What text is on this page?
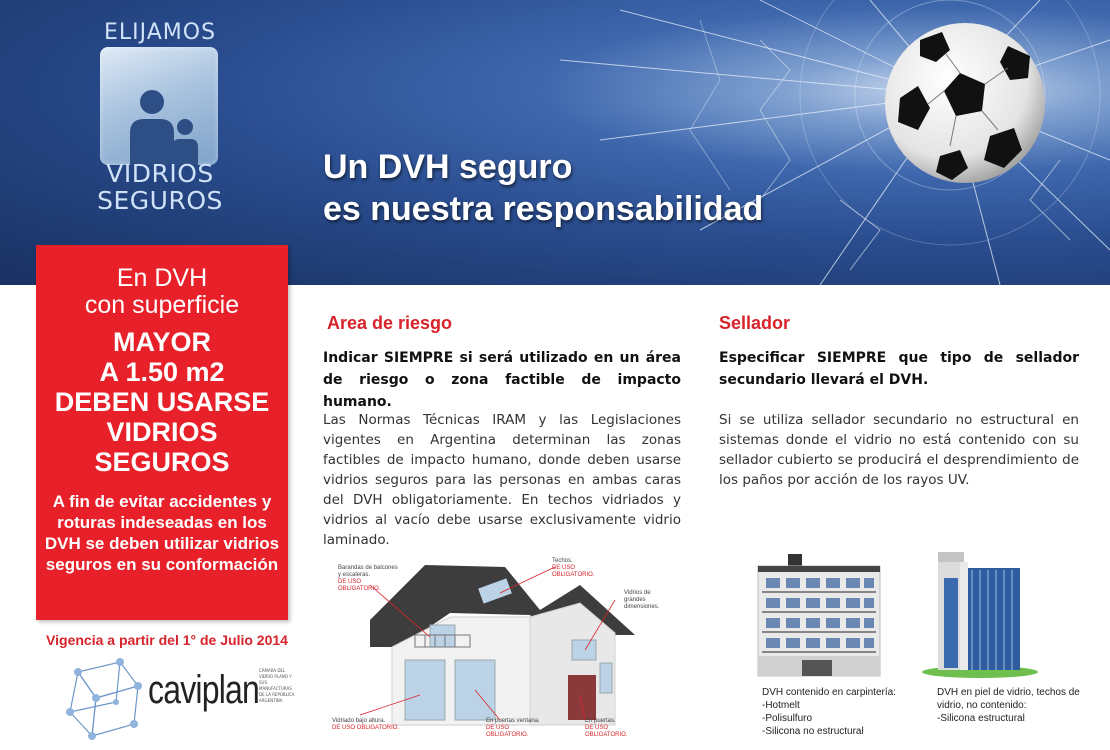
ELIJAMOS
VIDRIOS
SEGUROS
Un DVH seguro
es nuestra responsabilidad
En DVH
con superficie
MAYOR
A 1.50 m2
DEBEN USARSE
VIDRIOS
SEGUROS
A fin de evitar accidentes y roturas indeseadas en los DVH se deben utilizar vidrios seguros en su conformación
Vigencia a partir del 1° de Julio 2014
caviplan CÁMARA DEL VIDRIO PLANO Y SUS MANUFACTURAS DE LA REPÚBLICA ARGENTINA
Area de riesgo
Indicar SIEMPRE si será utilizado en un área de riesgo o zona factible de impacto humano.
Las Normas Técnicas IRAM y las Legislaciones vigentes en Argentina determinan las zonas factibles de impacto humano, donde deben usarse vidrios seguros para las personas en ambas caras del DVH obligatoriamente. En techos vidriados y vidrios al vacío debe usarse exclusivamente vidrio laminado.
Sellador
Especificar SIEMPRE que tipo de sellador secundario llevará el DVH.
Si se utiliza sellador secundario no estructural en sistemas donde el vidrio no está contenido con su sellador cubierto se producirá el desprendimiento de los paños por acción de los rayos UV.
Barandas de balcones y escaleras.
DE USO OBLIGATORIO.
Techos.
DE USO OBLIGATORIO.
Vidrios de grandes dimensiones.
Vidriado bajo altura.
DE USO OBLIGATORIO.
En puertas ventana.
DE USO OBLIGATORIO.
En puertas.
DE USO OBLIGATORIO.
DVH contenido en carpintería:
-Hotmelt
-Polisulfuro
-Silicona no estructural
DVH en piel de vidrio, techos de vidrio, no contenido:
-Silicona estructural
